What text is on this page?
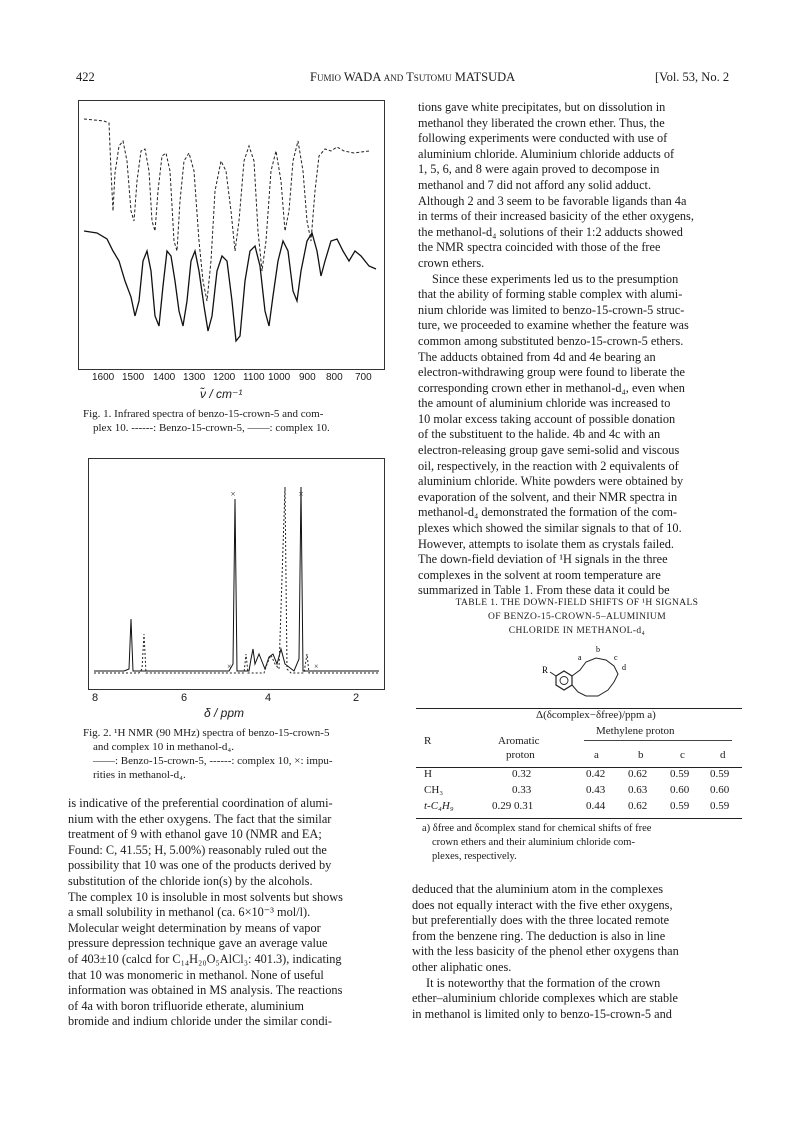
422	Fumio WADA and Tsutomu MATSUDA	[Vol. 53, No. 2
1600 1500 1400 1300 1200 1100 1000 900 800 700
ν̃ / cm⁻¹
Fig. 1. Infrared spectra of benzo-15-crown-5 and com-
plex 10. ------: Benzo-15-crown-5, ——: complex 10.
×	×
×	×
8	6	4	2
δ / ppm
Fig. 2. ¹H NMR (90 MHz) spectra of benzo-15-crown-5
and complex 10 in methanol-d₄.
——: Benzo-15-crown-5, ------: complex 10, ×: impu-
rities in methanol-d₄.

is indicative of the preferential coordination of alumi-

nium with the ether oxygens. The fact that the similar

treatment of 9 with ethanol gave 10 (NMR and EA;

Found: C, 41.55; H, 5.00%) reasonably ruled out the

possibility that 10 was one of the products derived by

substitution of the chloride ion(s) by the alcohols.

The complex 10 is insoluble in most solvents but shows

a small solubility in methanol (ca. 6×10⁻³ mol/l).

Molecular weight determination by means of vapor

pressure depression technique gave an average value

of 403±10 (calcd for C₁₄H₂₀O₅AlCl₃: 401.3), indicating

that 10 was monomeric in methanol. None of useful

information was obtained in MS analysis. The reactions

of 4a with boron trifluoride etherate, aluminium

bromide and indium chloride under the similar condi-

tions gave white precipitates, but on dissolution in

methanol they liberated the crown ether. Thus, the

following experiments were conducted with use of

aluminium chloride. Aluminium chloride adducts of

1, 5, 6, and 8 were again proved to decompose in

methanol and 7 did not afford any solid adduct.

Although 2 and 3 seem to be favorable ligands than 4a

in terms of their increased basicity of the ether oxygens,

the methanol-d₄ solutions of their 1:2 adducts showed

the NMR spectra coincided with those of the free

crown ethers.

Since these experiments led us to the presumption

that the ability of forming stable complex with alumi-

nium chloride was limited to benzo-15-crown-5 struc-

ture, we proceeded to examine whether the feature was

common among substituted benzo-15-crown-5 ethers.

The adducts obtained from 4d and 4e bearing an

electron-withdrawing group were found to liberate the

corresponding crown ether in methanol-d₄, even when

the amount of aluminium chloride was increased to

10 molar excess taking account of possible donation

of the substituent to the halide. 4b and 4c with an

electron-releasing group gave semi-solid and viscous

oil, respectively, in the reaction with 2 equivalents of

aluminium chloride. White powders were obtained by

evaporation of the solvent, and their NMR spectra in

methanol-d₄ demonstrated the formation of the com-

plexes which showed the similar signals to that of 10.

However, attempts to isolate them as crystals failed.

The down-field deviation of ¹H signals in the three

complexes in the solvent at room temperature are

summarized in Table 1. From these data it could be

TABLE 1. THE DOWN-FIELD SHIFTS OF ¹H SIGNALS
OF BENZO-15-CROWN-5–ALUMINIUM
CHLORIDE IN METHANOL-d₄
R
a
b
c
d
Δ(δcomplex−δfree)/ppm a)
R	Aromatic
proton
Methylene proton
a	b	c	d
H	0.32	0.42 0.62 0.59 0.59
CH₃	0.33	0.43 0.63 0.60 0.60
t-C₄H₉	0.29 0.31	0.44 0.62 0.59 0.59
a) δfree and δcomplex stand for chemical shifts of free
crown ethers and their aluminium chloride com-
plexes, respectively.

deduced that the aluminium atom in the complexes

does not equally interact with the five ether oxygens,

but preferentially does with the three located remote

from the benzene ring. The deduction is also in line

with the less basicity of the phenol ether oxygens than

other aliphatic ones.

It is noteworthy that the formation of the crown

ether–aluminium chloride complexes which are stable

in methanol is limited only to benzo-15-crown-5 and
